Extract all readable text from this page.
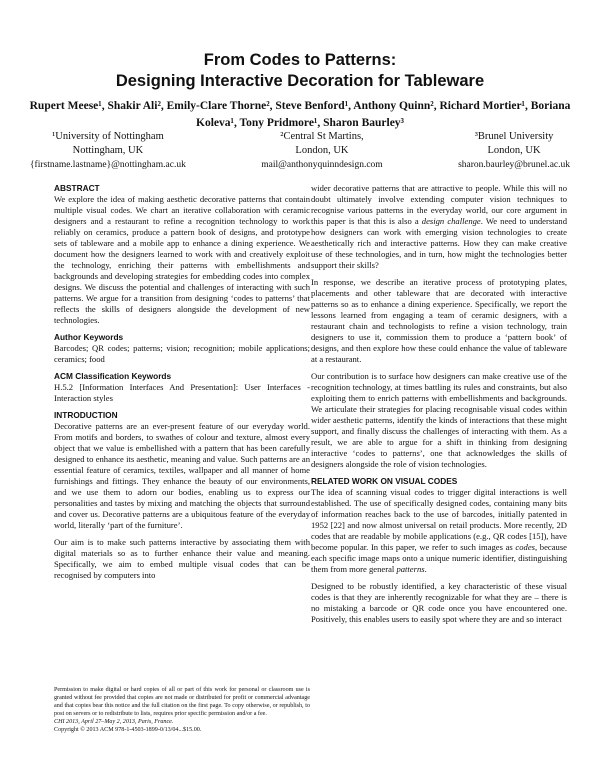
From Codes to Patterns:
Designing Interactive Decoration for Tableware
Rupert Meese¹, Shakir Ali², Emily-Clare Thorne², Steve Benford¹, Anthony Quinn², Richard Mortier¹, Boriana Koleva¹, Tony Pridmore¹, Sharon Baurley³
¹University of Nottingham
Nottingham, UK
{firstname.lastname}@nottingham.ac.uk
²Central St Martins,
London, UK
mail@anthonyquinndesign.com
³Brunel University
London, UK
sharon.baurley@brunel.ac.uk
ABSTRACT

We explore the idea of making aesthetic decorative patterns that contain multiple visual codes. We chart an iterative collaboration with ceramic designers and a restaurant to refine a recognition technology to work reliably on ceramics, produce a pattern book of designs, and prototype sets of tableware and a mobile app to enhance a dining experience. We document how the designers learned to work with and creatively exploit the technology, enriching their patterns with embellishments and backgrounds and developing strategies for embedding codes into complex designs. We discuss the potential and challenges of interacting with such patterns. We argue for a transition from designing ‘codes to patterns’ that reflects the skills of designers alongside the development of new technologies.

Author Keywords

Barcodes; QR codes; patterns; vision; recognition; mobile applications; ceramics; food

ACM Classification Keywords

H.5.2 [Information Interfaces And Presentation]: User Interfaces - Interaction styles

INTRODUCTION

Decorative patterns are an ever-present feature of our everyday world. From motifs and borders, to swathes of colour and texture, almost every object that we value is embellished with a pattern that has been carefully designed to enhance its aesthetic, meaning and value. Such patterns are an essential feature of ceramics, textiles, wallpaper and all manner of home furnishings and fittings. They enhance the beauty of our environments, and we use them to adorn our bodies, enabling us to express our personalities and tastes by mixing and matching the objects that surround and cover us. Decorative patterns are a ubiquitous feature of the everyday world, literally ‘part of the furniture’.

Our aim is to make such patterns interactive by associating them with digital materials so as to further enhance their value and meaning. Specifically, we aim to embed multiple visual codes that can be recognised by computers into

Permission to make digital or hard copies of all or part of this work for personal or classroom use is granted without fee provided that copies are not made or distributed for profit or commercial advantage and that copies bear this notice and the full citation on the first page. To copy otherwise, or republish, to post on servers or to redistribute to lists, requires prior specific permission and/or a fee.

CHI 2013, April 27–May 2, 2013, Paris, France.

Copyright © 2013 ACM 978-1-4503-1899-0/13/04...$15.00.

wider decorative patterns that are attractive to people. While this will no doubt ultimately involve extending computer vision techniques to recognise various patterns in the everyday world, our core argument in this paper is that this is also a design challenge. We need to understand how designers can work with emerging vision technologies to create aesthetically rich and interactive patterns. How they can make creative use of these technologies, and in turn, how might the technologies better support their skills?

In response, we describe an iterative process of prototyping plates, placements and other tableware that are decorated with interactive patterns so as to enhance a dining experience. Specifically, we report the lessons learned from engaging a team of ceramic designers, with a restaurant chain and technologists to refine a vision technology, train designers to use it, commission them to produce a ‘pattern book’ of designs, and then explore how these could enhance the value of tableware at a restaurant.

Our contribution is to surface how designers can make creative use of the recognition technology, at times battling its rules and constraints, but also exploiting them to enrich patterns with embellishments and backgrounds. We articulate their strategies for placing recognisable visual codes within wider aesthetic patterns, identify the kinds of interactions that these might support, and finally discuss the challenges of interacting with them. As a result, we are able to argue for a shift in thinking from designing interactive ‘codes to patterns’, one that acknowledges the skills of designers alongside the role of vision technologies.

RELATED WORK ON VISUAL CODES

The idea of scanning visual codes to trigger digital interactions is well established. The use of specifically designed codes, containing many bits of information reaches back to the use of barcodes, initially patented in 1952 [22] and now almost universal on retail products. More recently, 2D codes that are readable by mobile applications (e.g., QR codes [15]), have become popular. In this paper, we refer to such images as codes, because each specific image maps onto a unique numeric identifier, distinguishing them from more general patterns.

Designed to be robustly identified, a key characteristic of these visual codes is that they are inherently recognizable for what they are – there is no mistaking a barcode or QR code once you have encountered one. Positively, this enables users to easily spot where they are and so interact
